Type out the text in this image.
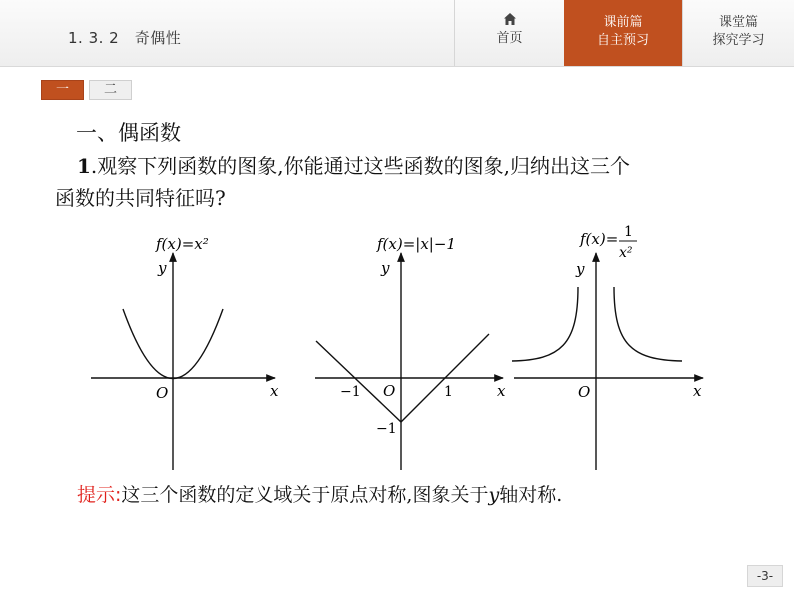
1. 3. 2　奇偶性	首页
课前篇
自主预习
课堂篇
探究学习
一	二
一、偶函数
1.观察下列函数的图象,你能通过这些函数的图象,归纳出这三个
函数的共同特征吗?
f(x)=x²
x
y
O
f(x)=|x|−1
x
y
O
−1	1
−1
f(x)= 1
x²
x
y
O
提示:这三个函数的定义域关于原点对称,图象关于y轴对称.
-3-
